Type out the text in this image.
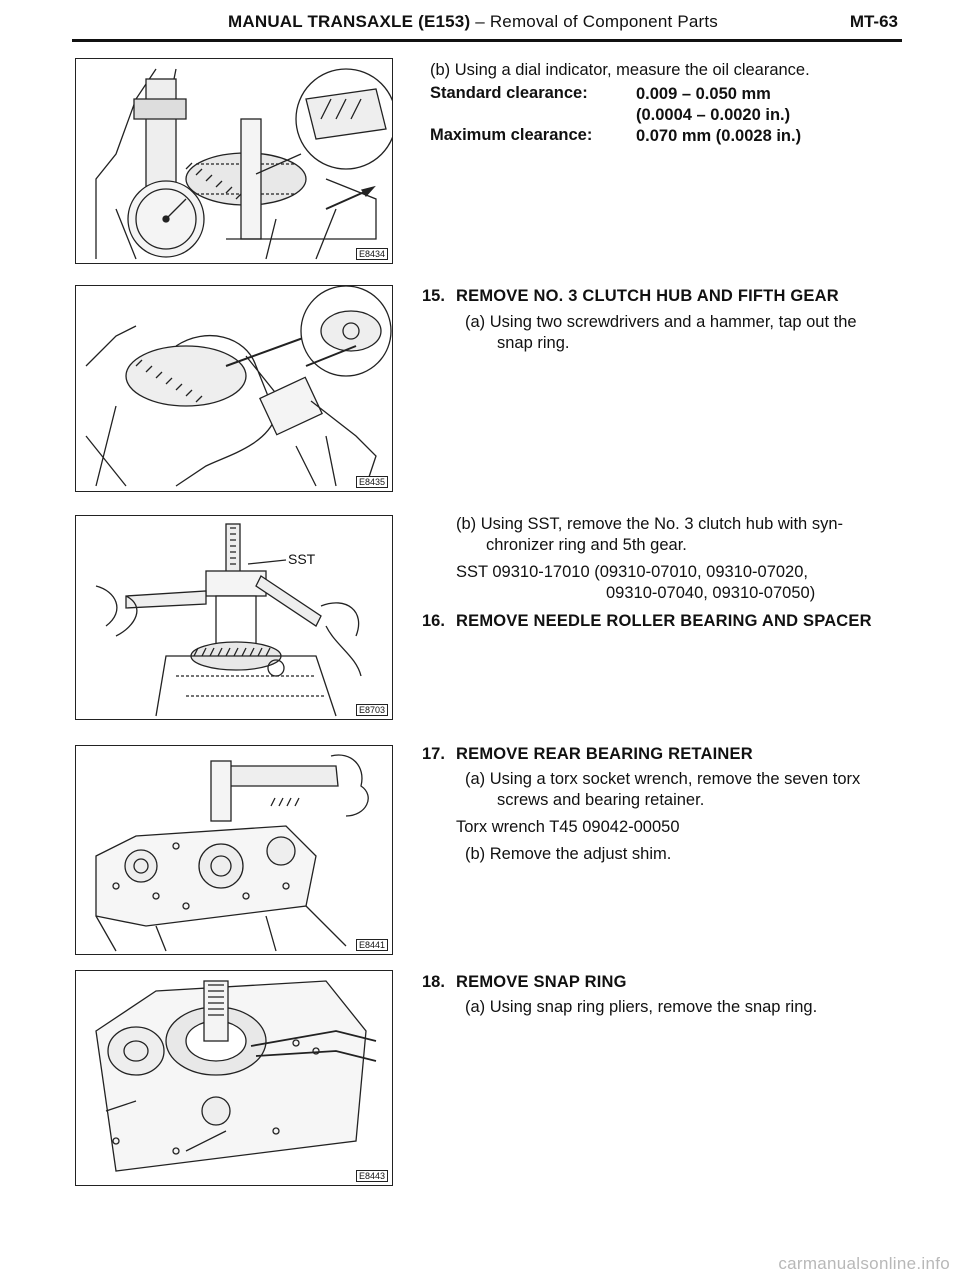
MANUAL TRANSAXLE (E153) – Removal of Component Parts	MT-63
E8434
E8435
SST
E8703
E8441
E8443
(b) Using a dial indicator, measure the oil clearance.
Standard clearance:	0.009 – 0.050 mm
(0.0004 – 0.0020 in.)
Maximum clearance:	0.070 mm (0.0028 in.)
15. REMOVE NO. 3 CLUTCH HUB AND FIFTH GEAR
(a) Using two screwdrivers and a hammer, tap out the
snap ring.
(b) Using SST, remove the No. 3 clutch hub with syn-
chronizer ring and 5th gear.
SST 09310-17010 (09310-07010, 09310-07020,
09310-07040, 09310-07050)
16. REMOVE NEEDLE ROLLER BEARING AND SPACER
17. REMOVE REAR BEARING RETAINER
(a) Using a torx socket wrench, remove the seven torx
screws and bearing retainer.
Torx wrench T45 09042-00050
(b) Remove the adjust shim.
18. REMOVE SNAP RING
(a) Using snap ring pliers, remove the snap ring.
carmanualsonline.info
